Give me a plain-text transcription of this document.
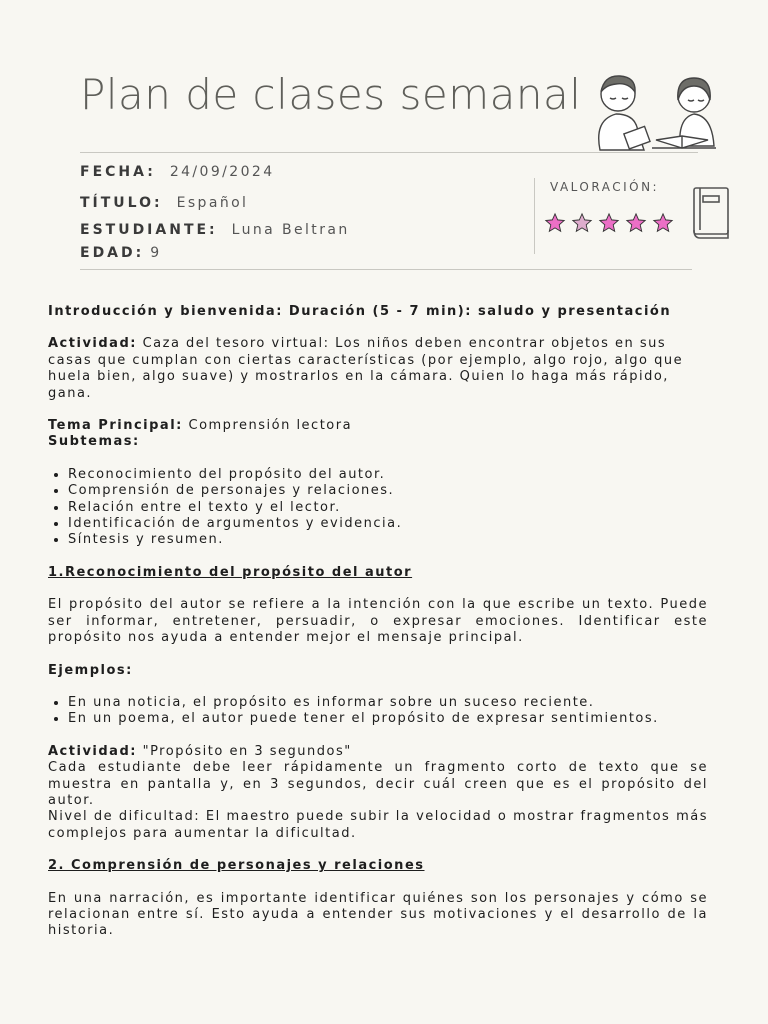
Plan de clases semanal
FECHA: 24/09/2024
TÍTULO: Español
ESTUDIANTE: Luna Beltran
EDAD: 9
VALORACIÓN:

Introducción y bienvenida: Duración (5 - 7 min): saludo y presentación

Actividad: Caza del tesoro virtual: Los niños deben encontrar objetos en sus casas que cumplan con ciertas características (por ejemplo, algo rojo, algo que huela bien, algo suave) y mostrarlos en la cámara. Quien lo haga más rápido, gana.

Tema Principal: Comprensión lectora

Subtemas:

• Reconocimiento del propósito del autor.
• Comprensión de personajes y relaciones.
• Relación entre el texto y el lector.
• Identificación de argumentos y evidencia.
• Síntesis y resumen.

1.Reconocimiento del propósito del autor

El propósito del autor se refiere a la intención con la que escribe un texto. Puede ser informar, entretener, persuadir, o expresar emociones. Identificar este propósito nos ayuda a entender mejor el mensaje principal.

Ejemplos:

• En una noticia, el propósito es informar sobre un suceso reciente.
• En un poema, el autor puede tener el propósito de expresar sentimientos.

Actividad: "Propósito en 3 segundos"

Cada estudiante debe leer rápidamente un fragmento corto de texto que se muestra en pantalla y, en 3 segundos, decir cuál creen que es el propósito del autor.

Nivel de dificultad: El maestro puede subir la velocidad o mostrar fragmentos más complejos para aumentar la dificultad.

2. Comprensión de personajes y relaciones

En una narración, es importante identificar quiénes son los personajes y cómo se relacionan entre sí. Esto ayuda a entender sus motivaciones y el desarrollo de la historia.
